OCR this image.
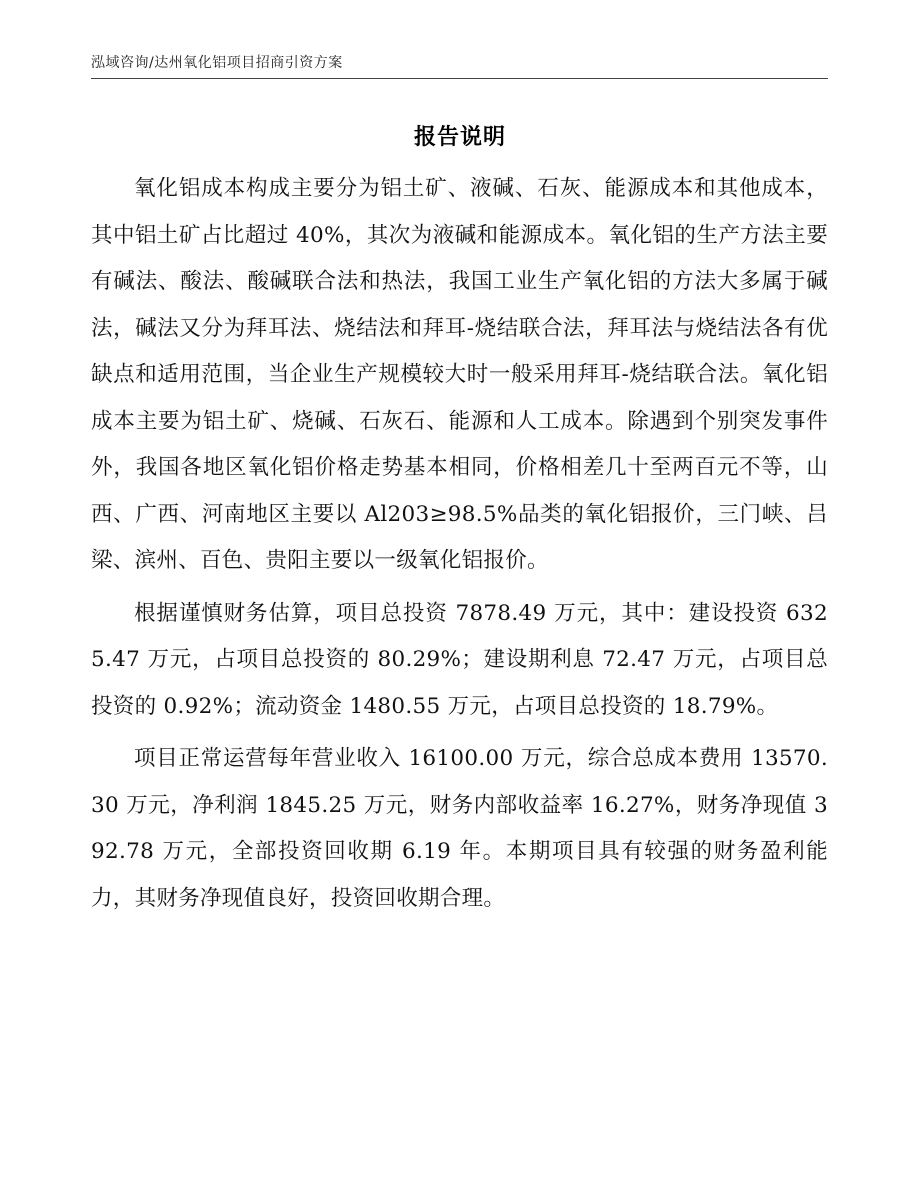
泓域咨询/达州氧化铝项目招商引资方案
报告说明

氧化铝成本构成主要分为铝土矿、液碱、石灰、能源成本和其他成本，其中铝土矿占比超过 40%，其次为液碱和能源成本。氧化铝的生产方法主要有碱法、酸法、酸碱联合法和热法，我国工业生产氧化铝的方法大多属于碱法，碱法又分为拜耳法、烧结法和拜耳-烧结联合法，拜耳法与烧结法各有优缺点和适用范围，当企业生产规模较大时一般采用拜耳-烧结联合法。氧化铝成本主要为铝土矿、烧碱、石灰石、能源和人工成本。除遇到个别突发事件外，我国各地区氧化铝价格走势基本相同，价格相差几十至两百元不等，山西、广西、河南地区主要以 Al203≥98.5%品类的氧化铝报价，三门峡、吕梁、滨州、百色、贵阳主要以一级氧化铝报价。

根据谨慎财务估算，项目总投资 7878.49 万元，其中：建设投资 6325.47 万元，占项目总投资的 80.29%；建设期利息 72.47 万元，占项目总投资的 0.92%；流动资金 1480.55 万元，占项目总投资的 18.79%。

项目正常运营每年营业收入 16100.00 万元，综合总成本费用 13570.30 万元，净利润 1845.25 万元，财务内部收益率 16.27%，财务净现值 392.78 万元，全部投资回收期 6.19 年。本期项目具有较强的财务盈利能力，其财务净现值良好，投资回收期合理。
